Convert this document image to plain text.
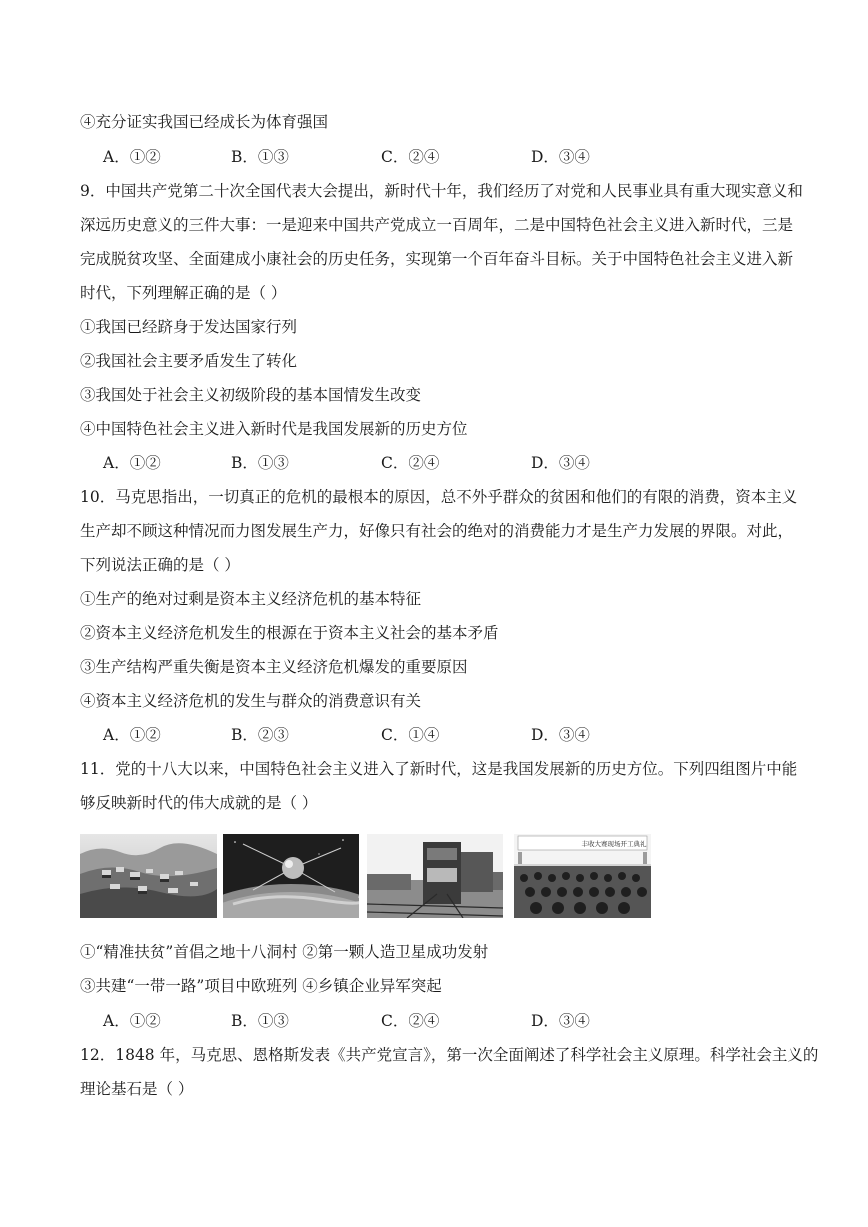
④充分证实我国已经成长为体育强国
A．①②	B．①③	C．②④	D．③④
9．中国共产党第二十次全国代表大会提出，新时代十年，我们经历了对党和人民事业具有重大现实意义和
深远历史意义的三件大事：一是迎来中国共产党成立一百周年，二是中国特色社会主义进入新时代，三是
完成脱贫攻坚、全面建成小康社会的历史任务，实现第一个百年奋斗目标。关于中国特色社会主义进入新
时代，下列理解正确的是（ ）
①我国已经跻身于发达国家行列
②我国社会主要矛盾发生了转化
③我国处于社会主义初级阶段的基本国情发生改变
④中国特色社会主义进入新时代是我国发展新的历史方位
A．①②	B．①③	C．②④	D．③④
10．马克思指出，一切真正的危机的最根本的原因，总不外乎群众的贫困和他们的有限的消费，资本主义
生产却不顾这种情况而力图发展生产力，好像只有社会的绝对的消费能力才是生产力发展的界限。对此，
下列说法正确的是（ ）
①生产的绝对过剩是资本主义经济危机的基本特征
②资本主义经济危机发生的根源在于资本主义社会的基本矛盾
③生产结构严重失衡是资本主义经济危机爆发的重要原因
④资本主义经济危机的发生与群众的消费意识有关
A．①②	B．②③	C．①④	D．③④
11．党的十八大以来，中国特色社会主义进入了新时代，这是我国发展新的历史方位。下列四组图片中能
够反映新时代的伟大成就的是（ ）
丰收大赛现场开工典礼
①“精准扶贫”首倡之地十八洞村 ②第一颗人造卫星成功发射
③共建“一带一路”项目中欧班列 ④乡镇企业异军突起
A．①②	B．①③	C．②④	D．③④
12．1848 年，马克思、恩格斯发表《共产党宣言》，第一次全面阐述了科学社会主义原理。科学社会主义的
理论基石是（ ）
